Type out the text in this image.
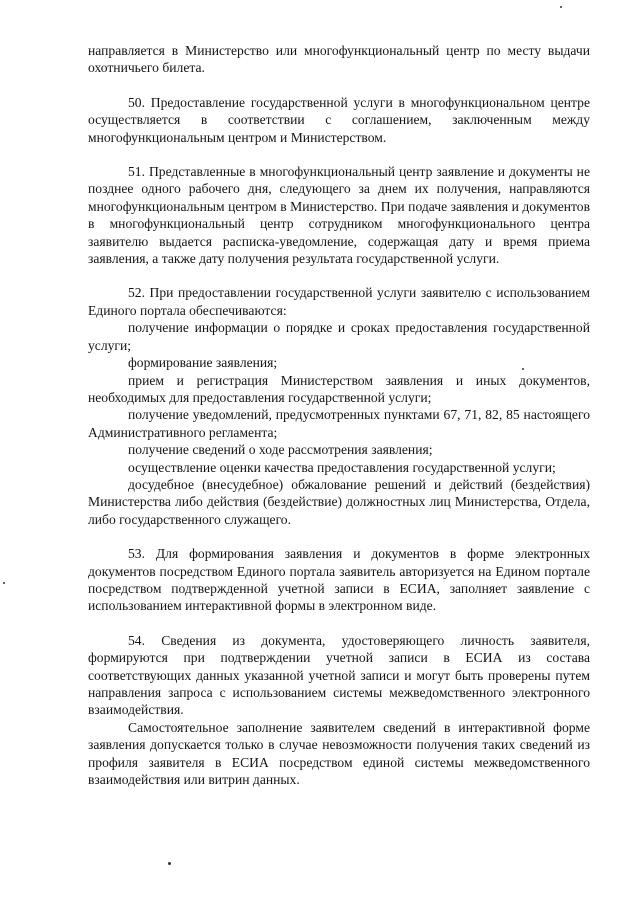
направляется в Министерство или многофункциональный центр по месту выдачи охотничьего билета.

50. Предоставление государственной услуги в многофункциональном центре осуществляется в соответствии с соглашением, заключенным между многофункциональным центром и Министерством.

51. Представленные в многофункциональный центр заявление и документы не позднее одного рабочего дня, следующего за днем их получения, направляются многофункциональным центром в Министерство. При подаче заявления и документов в многофункциональный центр сотрудником многофункционального центра заявителю выдается расписка-уведомление, содержащая дату и время приема заявления, а также дату получения результата государственной услуги.

52. При предоставлении государственной услуги заявителю с использованием Единого портала обеспечиваются:

получение информации о порядке и сроках предоставления государственной услуги;

формирование заявления;

прием и регистрация Министерством заявления и иных документов, необходимых для предоставления государственной услуги;

получение уведомлений, предусмотренных пунктами 67, 71, 82, 85 настоящего Административного регламента;

получение сведений о ходе рассмотрения заявления;

осуществление оценки качества предоставления государственной услуги;

досудебное (внесудебное) обжалование решений и действий (бездействия) Министерства либо действия (бездействие) должностных лиц Министерства, Отдела, либо государственного служащего.

53. Для формирования заявления и документов в форме электронных документов посредством Единого портала заявитель авторизуется на Едином портале посредством подтвержденной учетной записи в ЕСИА, заполняет заявление с использованием интерактивной формы в электронном виде.

54. Сведения из документа, удостоверяющего личность заявителя, формируются при подтверждении учетной записи в ЕСИА из состава соответствующих данных указанной учетной записи и могут быть проверены путем направления запроса с использованием системы межведомственного электронного взаимодействия.

Самостоятельное заполнение заявителем сведений в интерактивной форме заявления допускается только в случае невозможности получения таких сведений из профиля заявителя в ЕСИА посредством единой системы межведомственного взаимодействия или витрин данных.
